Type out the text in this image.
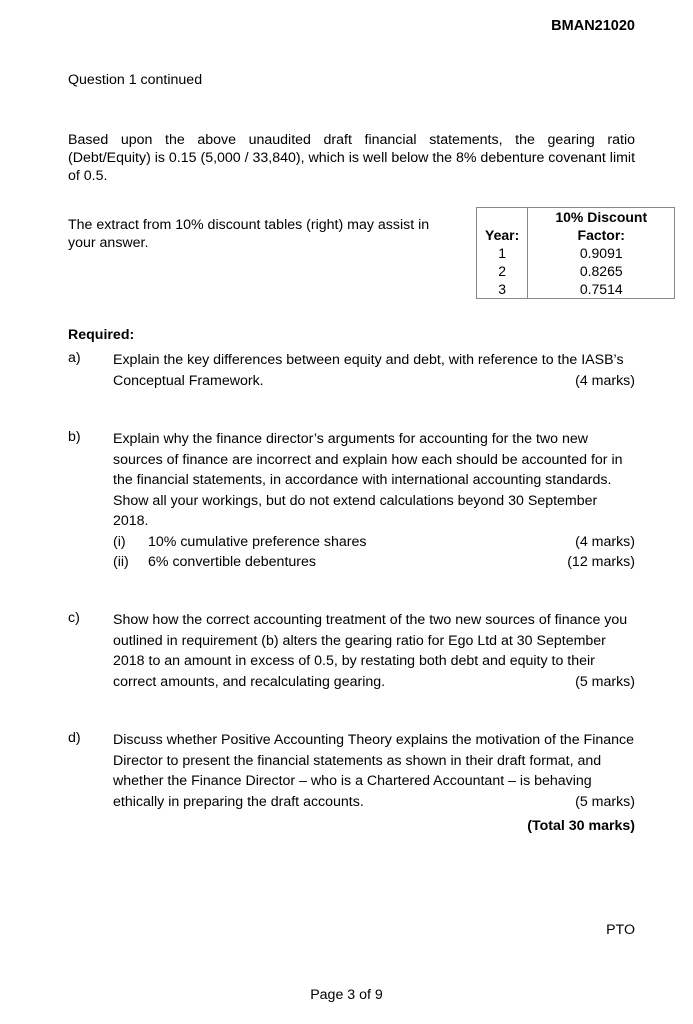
BMAN21020
Question 1 continued
Based upon the above unaudited draft financial statements, the gearing ratio (Debt/Equity) is 0.15 (5,000 / 33,840), which is well below the 8% debenture covenant limit of 0.5.
The extract from 10% discount tables (right) may assist in your answer.
	10% Discount
Year:	Factor:
1	0.9091
2	0.8265
3	0.7514
Required:
a) Explain the key differences between equity and debt, with reference to the IASB’s Conceptual Framework.	(4 marks)
b) Explain why the finance director’s arguments for accounting for the two new sources of finance are incorrect and explain how each should be accounted for in the financial statements, in accordance with international accounting standards. Show all your workings, but do not extend calculations beyond 30 September 2018.
(i)	10% cumulative preference shares	(4 marks)
(ii)	6% convertible debentures	(12 marks)
c) Show how the correct accounting treatment of the two new sources of finance you outlined in requirement (b) alters the gearing ratio for Ego Ltd at 30 September 2018 to an amount in excess of 0.5, by restating both debt and equity to their correct amounts, and recalculating gearing.	(5 marks)
d) Discuss whether Positive Accounting Theory explains the motivation of the Finance Director to present the financial statements as shown in their draft format, and whether the Finance Director – who is a Chartered Accountant – is behaving ethically in preparing the draft accounts.	(5 marks)
(Total 30 marks)
PTO
Page 3 of 9
